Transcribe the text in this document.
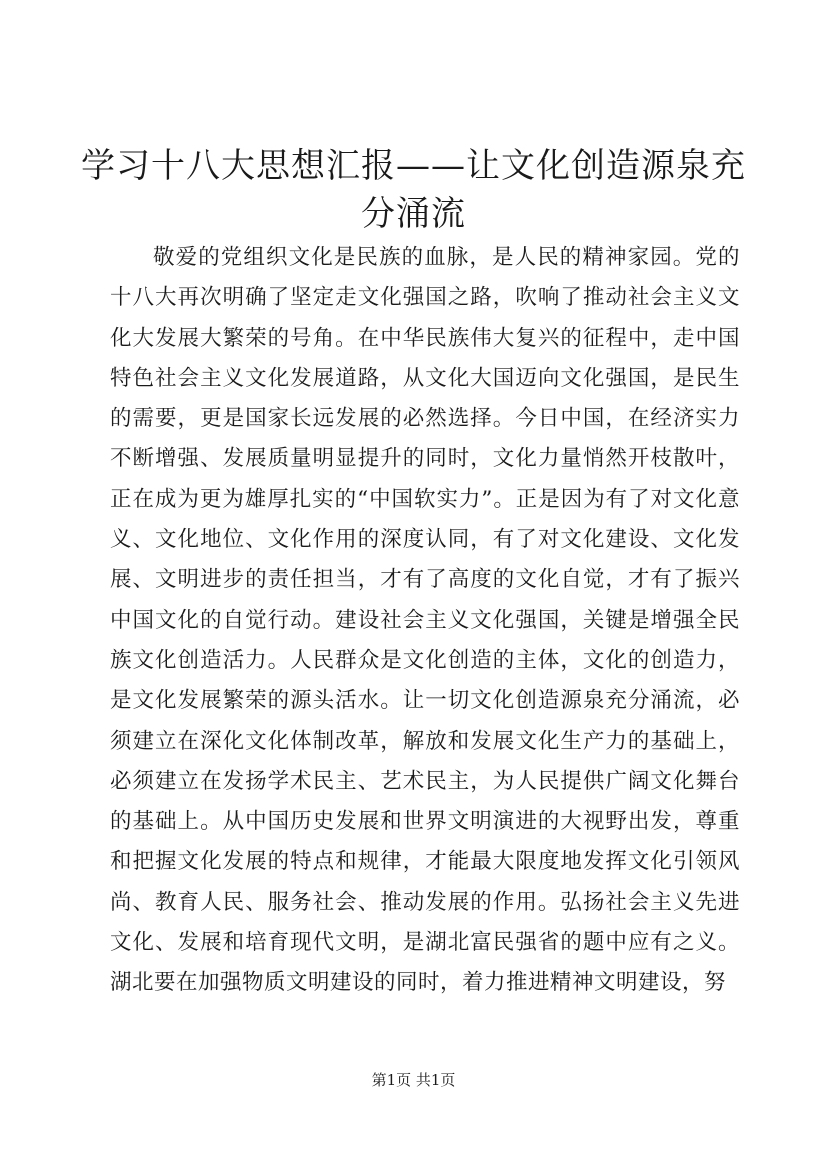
学习十八大思想汇报——让文化创造源泉充分涌流

敬爱的党组织文化是民族的血脉，是人民的精神家园。党的十八大再次明确了坚定走文化强国之路，吹响了推动社会主义文化大发展大繁荣的号角。在中华民族伟大复兴的征程中，走中国特色社会主义文化发展道路，从文化大国迈向文化强国，是民生的需要，更是国家长远发展的必然选择。今日中国，在经济实力不断增强、发展质量明显提升的同时，文化力量悄然开枝散叶，正在成为更为雄厚扎实的“中国软实力”。正是因为有了对文化意义、文化地位、文化作用的深度认同，有了对文化建设、文化发展、文明进步的责任担当，才有了高度的文化自觉，才有了振兴中国文化的自觉行动。建设社会主义文化强国，关键是增强全民族文化创造活力。人民群众是文化创造的主体，文化的创造力，是文化发展繁荣的源头活水。让一切文化创造源泉充分涌流，必须建立在深化文化体制改革，解放和发展文化生产力的基础上，必须建立在发扬学术民主、艺术民主，为人民提供广阔文化舞台的基础上。从中国历史发展和世界文明演进的大视野出发，尊重和把握文化发展的特点和规律，才能最大限度地发挥文化引领风尚、教育人民、服务社会、推动发展的作用。弘扬社会主义先进文化、发展和培育现代文明，是湖北富民强省的题中应有之义。湖北要在加强物质文明建设的同时，着力推进精神文明建设，努

第1页 共1页
